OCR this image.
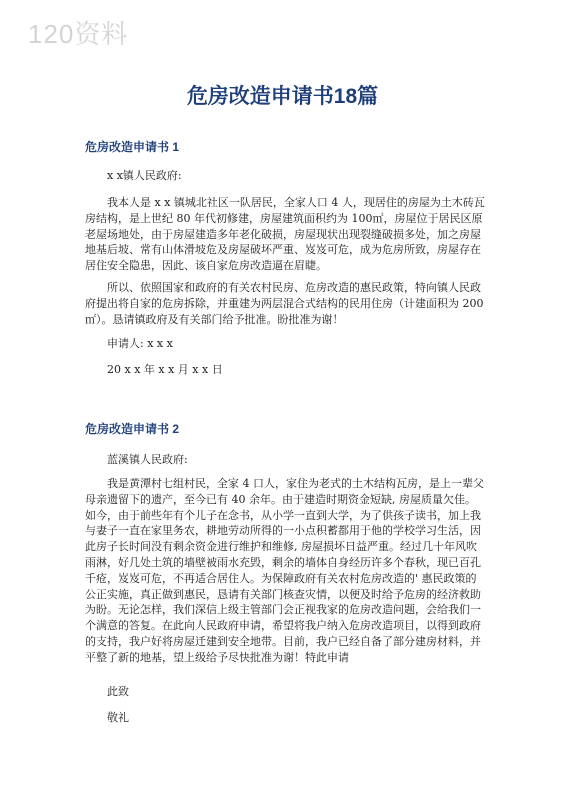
120资料
危房改造申请书18篇
危房改造申请书 1

x x镇人民政府:

我本人是 x x 镇城北社区一队居民，全家人口 4 人，现居住的房屋为土木砖瓦房结构，是上世纪 80 年代初修建，房屋建筑面积约为 100㎡，房屋位于居民区原老屋场地处，由于房屋建造多年老化破损，房屋现状出现裂缝破损多处，加之房屋地基后坡、常有山体滑坡危及房屋破坏严重、岌岌可危，成为危房所致，房屋存在居住安全隐患，因此、该自家危房改造逼在眉睫。

所以、依照国家和政府的有关农村民房、危房改造的惠民政策，特向镇人民政府提出将自家的危房拆除，并重建为两层混合式结构的民用住房（计建面积为 200㎡）。恳请镇政府及有关部门给予批准。盼批准为谢！

申请人: x x x

20 x x 年 x x 月 x x 日

危房改造申请书 2

蓝溪镇人民政府:

我是黄潭村七组村民，全家 4 口人，家住为老式的土木结构瓦房，是上一辈父母亲遗留下的遗产，至今已有 40 余年。由于建造时期资金短缺, 房屋质量欠佳。如今，由于前些年有个儿子在念书，从小学一直到大学，为了供孩子读书，加上我与妻子一直在家里务农，耕地劳动所得的一小点积蓄都用于他的学校学习生活，因此房子长时间没有剩余资金进行维护和维修, 房屋损坏日益严重。经过几十年风吹雨淋，好几处土筑的墙壁被雨水充毁，剩余的墙体自身经历许多个春秋，现已百孔千疮，岌岌可危，不再适合居住人。为保障政府有关农村危房改造的' 惠民政策的公正实施，真正做到惠民，恳请有关部门核查灾情，以便及时给予危房的经济救助为盼。无论怎样，我们深信上级主管部门会正视我家的危房改造问题，会给我们一个满意的答复。在此向人民政府申请，希望将我户纳入危房改造项目，以得到政府的支持，我户好将房屋迁建到安全地带。目前，我户已经自备了部分建房材料，并平整了新的地基，望上级给予尽快批准为谢！特此申请

此致

敬礼
